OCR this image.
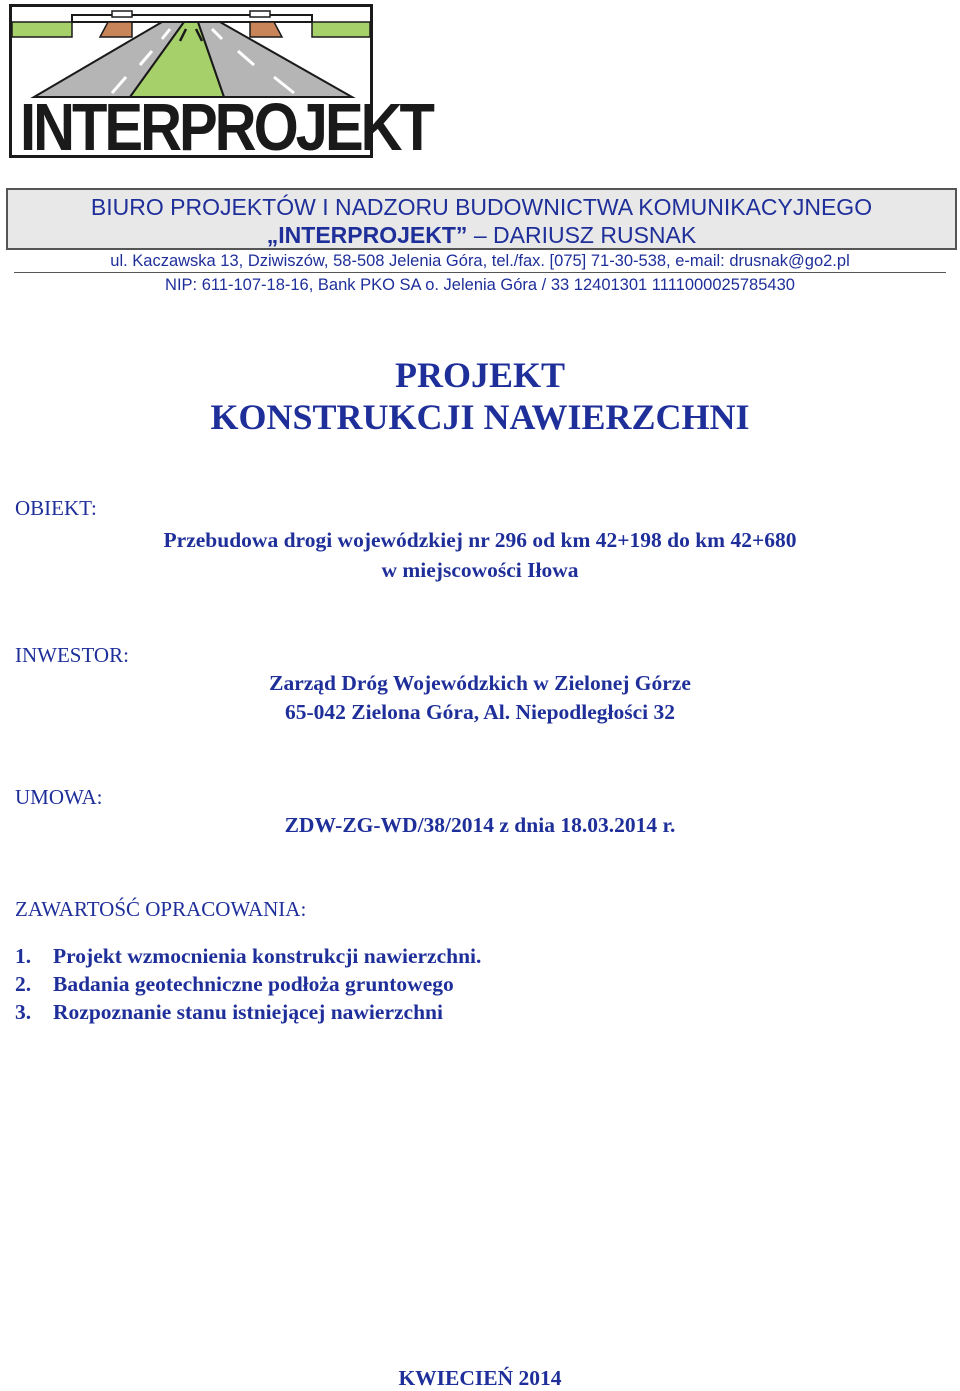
INTERPROJEKT
BIURO PROJEKTÓW I NADZORU BUDOWNICTWA KOMUNIKACYJNEGO
„INTERPROJEKT” – DARIUSZ RUSNAK
ul. Kaczawska 13, Dziwiszów, 58-508 Jelenia Góra, tel./fax. [075] 71-30-538, e-mail: drusnak@go2.pl
NIP: 611-107-18-16, Bank PKO SA o. Jelenia Góra / 33 12401301 1111000025785430
PROJEKT
KONSTRUKCJI NAWIERZCHNI
OBIEKT:
Przebudowa drogi wojewódzkiej nr 296 od km 42+198 do km 42+680
w miejscowości Iłowa
INWESTOR:
Zarząd Dróg Wojewódzkich w Zielonej Górze
65-042 Zielona Góra, Al. Niepodległości 32
UMOWA:
ZDW-ZG-WD/38/2014 z dnia 18.03.2014 r.
ZAWARTOŚĆ OPRACOWANIA:
1. Projekt wzmocnienia konstrukcji nawierzchni.
2. Badania geotechniczne podłoża gruntowego
3. Rozpoznanie stanu istniejącej nawierzchni
KWIECIEŃ 2014
